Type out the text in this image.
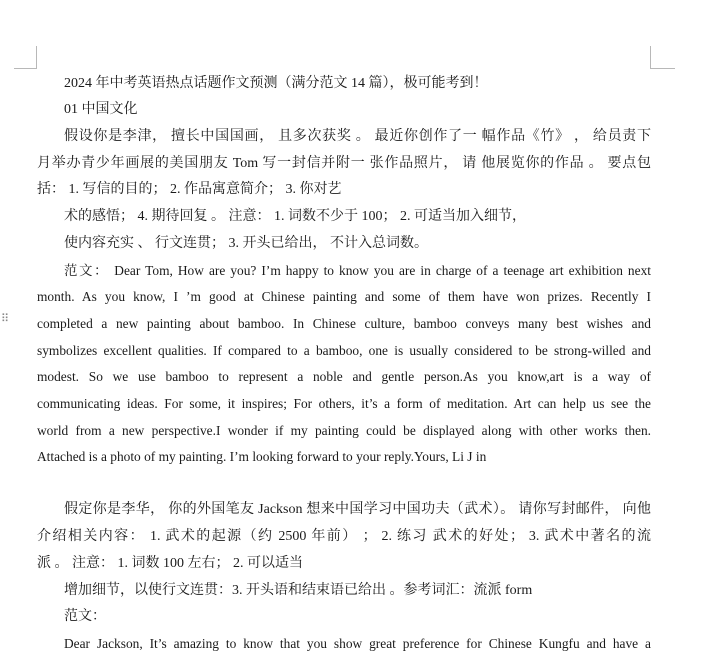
⠿
2024 年中考英语热点话题作文预测（满分范文 14 篇），极可能考到！
01 中国文化
假设你是李津， 擅长中国国画， 且多次获奖 。 最近你创作了一 幅作品《竹》 ， 给员责下
月举办青少年画展的美国朋友 Tom 写一封信并附一 张作品照片， 请 他展览你的作品 。 要点包
括： 1. 写信的目的； 2. 作品寓意简介； 3. 你对艺
术的感悟； 4. 期待回复 。 注意： 1. 词数不少于 100； 2. 可适当加入细节，
使内容充实 、 行文连贯； 3. 开头已给出， 不计入总词数。
范文： Dear Tom, How are you? I’m happy to know you are in charge of a teenage art exhibition next
month. As you know, I ’m good at Chinese painting and some of them have won prizes. Recently I
completed a new painting about bamboo. In Chinese culture, bamboo conveys many best wishes and
symbolizes excellent qualities. If compared to a bamboo, one is usually considered to be strong-willed and
modest. So we use bamboo to represent a noble and gentle person.As you know,art is a way of
communicating ideas. For some, it inspires; For others, it’s a form of meditation. Art can help us see the
world from a new perspective.I wonder if my painting could be displayed along with other works then.
Attached is a photo of my painting. I’m looking forward to your reply.Yours, Li J in
假定你是李华， 你的外国笔友 Jackson 想来中国学习中国功夫（武术）。 请你写封邮件， 向他
介绍相关内容： 1. 武术的起源（约 2500 年前） ； 2. 练习 武术的好处； 3. 武术中著名的流
派 。 注意： 1. 词数 100 左右； 2. 可以适当
增加细节，以使行文连贯：3. 开头语和结束语已给出 。参考词汇：流派 form
范文：
Dear Jackson, It’s amazing to know that you show great preference for Chinese Kungfu and have a
